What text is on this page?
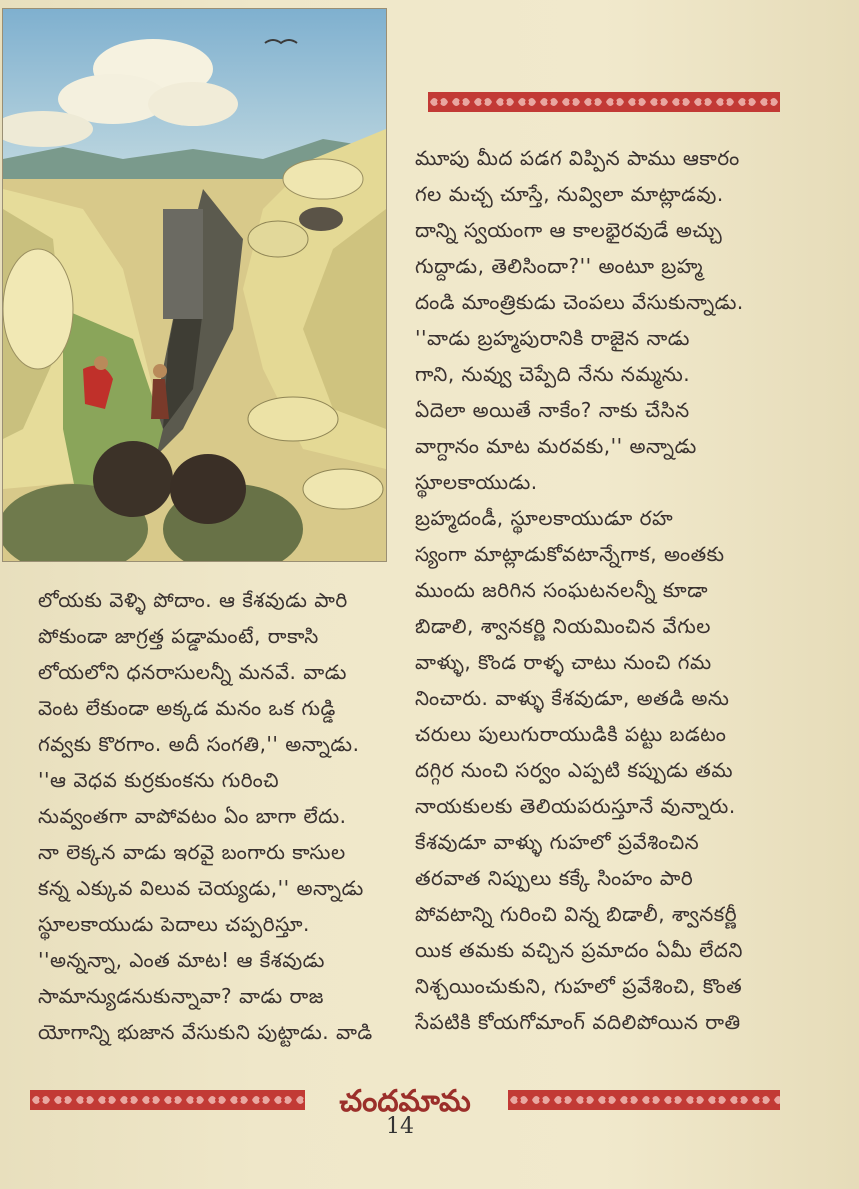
మూపు మీద పడగ విప్పిన పాము ఆకారం
గల మచ్చ చూస్తే, నువ్విలా మాట్లాడవు.
దాన్ని స్వయంగా ఆ కాలభైరవుడే అచ్చు
గుద్దాడు, తెలిసిందా?'' అంటూ బ్రహ్మ
దండి మాంత్రికుడు చెంపలు వేసుకున్నాడు.
''వాడు బ్రహ్మపురానికి రాజైన నాడు
గాని, నువ్వు చెప్పేది నేను నమ్మను.
ఏదెలా అయితే నాకేం? నాకు చేసిన
వాగ్దానం మాట మరవకు,'' అన్నాడు
స్థూలకాయుడు.
బ్రహ్మదండీ, స్థూలకాయుడూ రహ
స్యంగా మాట్లాడుకోవటాన్నేగాక, అంతకు
ముందు జరిగిన సంఘటనలన్నీ కూడా
బిడాలి, శ్వానకర్ణి నియమించిన వేగుల
వాళ్ళు, కొండ రాళ్ళ చాటు నుంచి గమ
నించారు. వాళ్ళు కేశవుడూ, అతడి అను
చరులు పులుగురాయుడికి పట్టు బడటం
దగ్గిర నుంచి సర్వం ఎప్పటి కప్పుడు తమ
నాయకులకు తెలియపరుస్తూనే వున్నారు.
కేశవుడూ వాళ్ళు గుహలో ప్రవేశించిన
తరవాత నిప్పులు కక్కే సింహం పారి
పోవటాన్ని గురించి విన్న బిడాలీ, శ్వానకర్ణీ
యిక తమకు వచ్చిన ప్రమాదం ఏమీ లేదని
నిశ్చయించుకుని, గుహలో ప్రవేశించి, కొంత
సేపటికి కోయగోమాంగ్ వదిలిపోయిన రాతి
లోయకు వెళ్ళి పోదాం. ఆ కేశవుడు పారి
పోకుండా జాగ్రత్త పడ్డామంటే, రాకాసి
లోయలోని ధనరాసులన్నీ మనవే. వాడు
వెంట లేకుండా అక్కడ మనం ఒక గుడ్డి
గవ్వకు కొరగాం. అదీ సంగతి,'' అన్నాడు.
''ఆ వెధవ కుర్రకుంకను గురించి
నువ్వంతగా వాపోవటం ఏం బాగా లేదు.
నా లెక్కన వాడు ఇరవై బంగారు కాసుల
కన్న ఎక్కువ విలువ చెయ్యడు,'' అన్నాడు
స్థూలకాయుడు పెదాలు చప్పరిస్తూ.
''అన్నన్నా, ఎంత మాట! ఆ కేశవుడు
సామాన్యుడనుకున్నావా? వాడు రాజ
యోగాన్ని భుజాన వేసుకుని పుట్టాడు. వాడి
చందమామ
14
